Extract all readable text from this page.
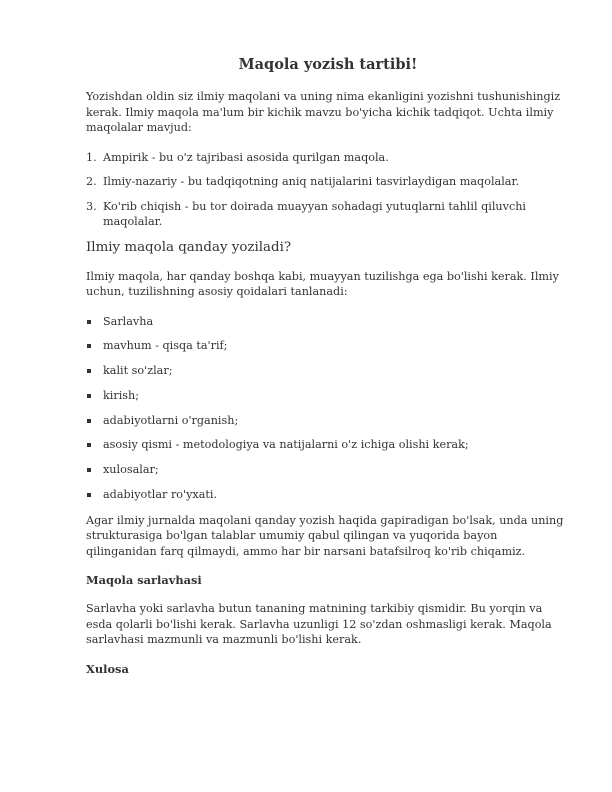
Maqola yozish tartibi!

Yozishdan oldin siz ilmiy maqolani va uning nima ekanligini yozishni tushunishingiz kerak. Ilmiy maqola ma'lum bir kichik mavzu bo'yicha kichik tadqiqot. Uchta ilmiy maqolalar mavjud:

1. Ampirik - bu o'z tajribasi asosida qurilgan maqola.
2. Ilmiy-nazariy - bu tadqiqotning aniq natijalarini tasvirlaydigan maqolalar.
3. Ko'rib chiqish - bu tor doirada muayyan sohadagi yutuqlarni tahlil qiluvchi maqolalar.
Ilmiy maqola qanday yoziladi?

Ilmiy maqola, har qanday boshqa kabi, muayyan tuzilishga ega bo'lishi kerak. Ilmiy uchun, tuzilishning asosiy qoidalari tanlanadi:

Sarlavha
mavhum - qisqa ta'rif;
kalit so'zlar;
kirish;
adabiyotlarni o'rganish;
asosiy qismi - metodologiya va natijalarni o'z ichiga olishi kerak;
xulosalar;
adabiyotlar ro'yxati.

Agar ilmiy jurnalda maqolani qanday yozish haqida gapiradigan bo'lsak, unda uning strukturasiga bo'lgan talablar umumiy qabul qilingan va yuqorida bayon qilinganidan farq qilmaydi, ammo har bir narsani batafsilroq ko'rib chiqamiz.

Maqola sarlavhasi

Sarlavha yoki sarlavha butun tananing matnining tarkibiy qismidir. Bu yorqin va esda qolarli bo'lishi kerak. Sarlavha uzunligi 12 so'zdan oshmasligi kerak. Maqola sarlavhasi mazmunli va mazmunli bo'lishi kerak.

Xulosa
